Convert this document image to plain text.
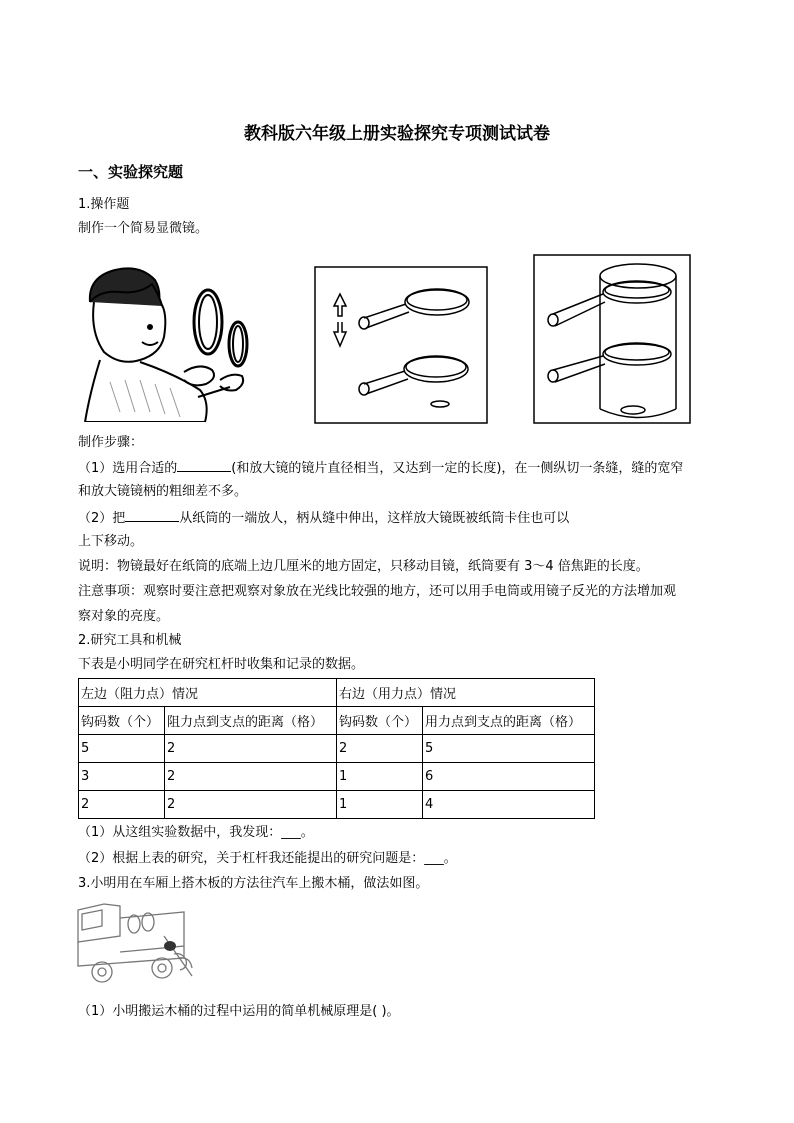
教科版六年级上册实验探究专项测试试卷
一、实验探究题
1.操作题
制作一个简易显微镜。
制作步骤：
（1）选用合适的	(和放大镜的镜片直径相当，又达到一定的长度)，在一侧纵切一条缝，缝的宽窄
和放大镜镜柄的粗细差不多。
（2）把	从纸筒的一端放人，柄从缝中伸出，这样放大镜既被纸筒卡住也可以
上下移动。
说明：物镜最好在纸筒的底端上边几厘米的地方固定，只移动目镜，纸筒要有 3～4 倍焦距的长度。
注意事项：观察时要注意把观察对象放在光线比较强的地方，还可以用手电筒或用镜子反光的方法增加观
察对象的亮度。
2.研究工具和机械
下表是小明同学在研究杠杆时收集和记录的数据。
左边（阻力点）情况		右边（用力点）情况	
钩码数（个）	阻力点到支点的距离（格）	钩码数（个）	用力点到支点的距离（格）
5	2	2	5
3	2	1	6
2	2	1	4
（1）从这组实验数据中，我发现：___。
（2）根据上表的研究，关于杠杆我还能提出的研究问题是：___。
3.小明用在车厢上搭木板的方法往汽车上搬木桶，做法如图。
（1）小明搬运木桶的过程中运用的简单机械原理是( )。
